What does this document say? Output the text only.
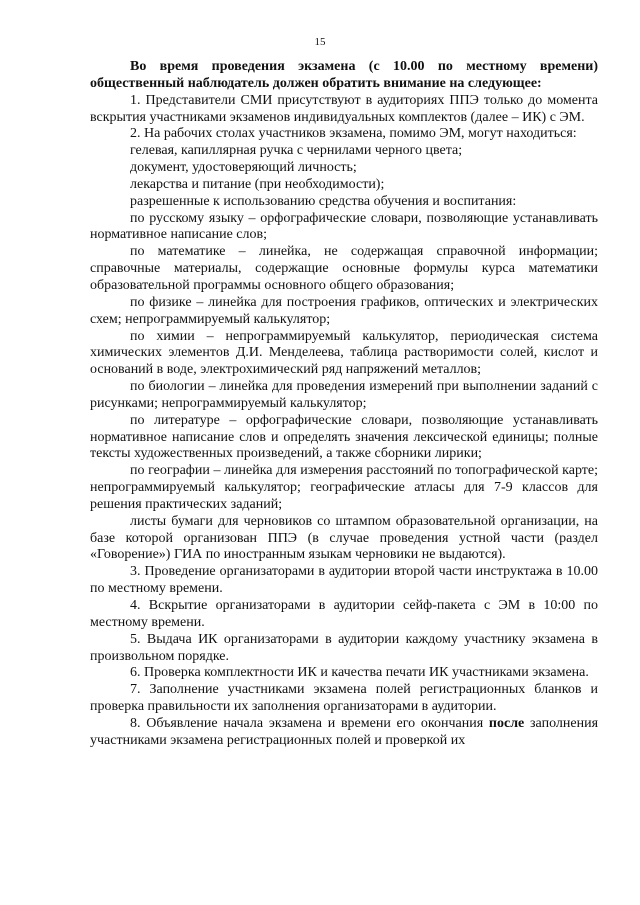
15

Во время проведения экзамена (с 10.00 по местному времени) общественный наблюдатель должен обратить внимание на следующее:

1. Представители СМИ присутствуют в аудиториях ППЭ только до момента вскрытия участниками экзаменов индивидуальных комплектов (далее – ИК) с ЭМ.

2. На рабочих столах участников экзамена, помимо ЭМ, могут находиться:

гелевая, капиллярная ручка с чернилами черного цвета;

документ, удостоверяющий личность;

лекарства и питание (при необходимости);

разрешенные к использованию средства обучения и воспитания:

по русскому языку – орфографические словари, позволяющие устанавливать нормативное написание слов;

по математике – линейка, не содержащая справочной информации; справочные материалы, содержащие основные формулы курса математики образовательной программы основного общего образования;

по физике – линейка для построения графиков, оптических и электрических схем; непрограммируемый калькулятор;

по химии – непрограммируемый калькулятор, периодическая система химических элементов Д.И. Менделеева, таблица растворимости солей, кислот и оснований в воде, электрохимический ряд напряжений металлов;

по биологии – линейка для проведения измерений при выполнении заданий с рисунками; непрограммируемый калькулятор;

по литературе – орфографические словари, позволяющие устанавливать нормативное написание слов и определять значения лексической единицы; полные тексты художественных произведений, а также сборники лирики;

по географии – линейка для измерения расстояний по топографической карте; непрограммируемый калькулятор; географические атласы для 7-9 классов для решения практических заданий;

листы бумаги для черновиков со штампом образовательной организации, на базе которой организован ППЭ (в случае проведения устной части (раздел «Говорение») ГИА по иностранным языкам черновики не выдаются).

3. Проведение организаторами в аудитории второй части инструктажа в 10.00 по местному времени.

4. Вскрытие организаторами в аудитории сейф-пакета с ЭМ в 10:00 по местному времени.

5. Выдача ИК организаторами в аудитории каждому участнику экзамена в произвольном порядке.

6. Проверка комплектности ИК и качества печати ИК участниками экзамена.

7. Заполнение участниками экзамена полей регистрационных бланков и проверка правильности их заполнения организаторами в аудитории.

8. Объявление начала экзамена и времени его окончания после заполнения участниками экзамена регистрационных полей и проверкой их
